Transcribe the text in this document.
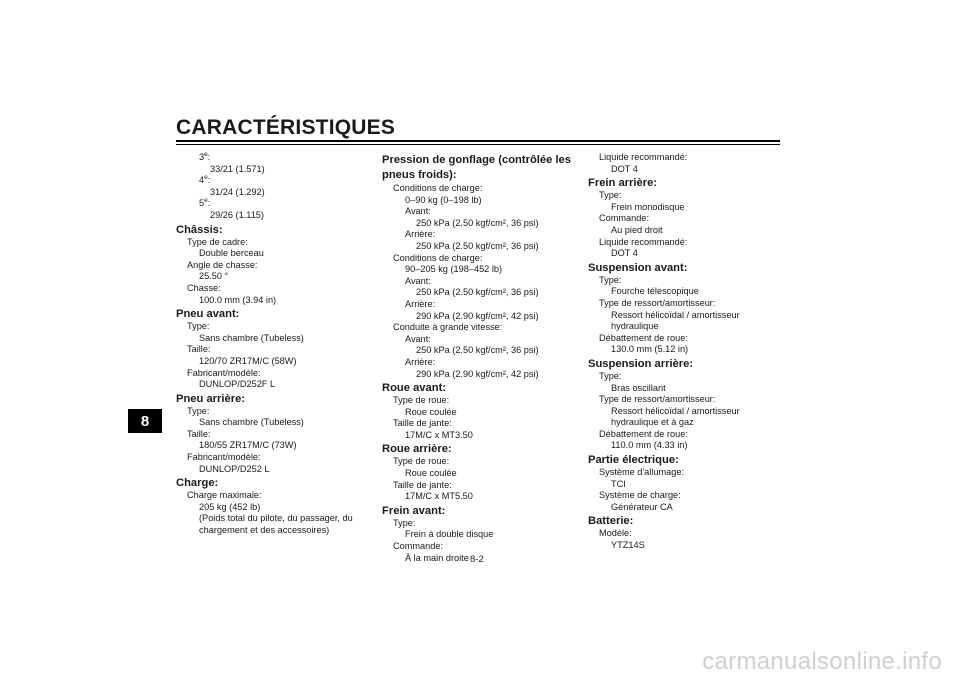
CARACTÉRISTIQUES
8
3e:
33/21 (1.571)
4e:
31/24 (1.292)
5e:
29/26 (1.115)
Châssis:
Type de cadre:
Double berceau
Angle de chasse:
25.50 °
Chasse:
100.0 mm (3.94 in)
Pneu avant:
Type:
Sans chambre (Tubeless)
Taille:
120/70 ZR17M/C (58W)
Fabricant/modèle:
DUNLOP/D252F L
Pneu arrière:
Type:
Sans chambre (Tubeless)
Taille:
180/55 ZR17M/C (73W)
Fabricant/modèle:
DUNLOP/D252 L
Charge:
Charge maximale:
205 kg (452 lb)
(Poids total du pilote, du passager, du
chargement et des accessoires)
Pression de gonflage (contrôlée les
pneus froids):
Conditions de charge:
0–90 kg (0–198 lb)
Avant:
250 kPa (2.50 kgf/cm², 36 psi)
Arrière:
250 kPa (2.50 kgf/cm², 36 psi)
Conditions de charge:
90–205 kg (198–452 lb)
Avant:
250 kPa (2.50 kgf/cm², 36 psi)
Arrière:
290 kPa (2.90 kgf/cm², 42 psi)
Conduite à grande vitesse:
Avant:
250 kPa (2.50 kgf/cm², 36 psi)
Arrière:
290 kPa (2.90 kgf/cm², 42 psi)
Roue avant:
Type de roue:
Roue coulée
Taille de jante:
17M/C x MT3.50
Roue arrière:
Type de roue:
Roue coulée
Taille de jante:
17M/C x MT5.50
Frein avant:
Type:
Frein à double disque
Commande:
À la main droite
Liquide recommandé:
DOT 4
Frein arrière:
Type:
Frein monodisque
Commande:
Au pied droit
Liquide recommandé:
DOT 4
Suspension avant:
Type:
Fourche télescopique
Type de ressort/amortisseur:
Ressort hélicoïdal / amortisseur
hydraulique
Débattement de roue:
130.0 mm (5.12 in)
Suspension arrière:
Type:
Bras oscillant
Type de ressort/amortisseur:
Ressort hélicoïdal / amortisseur
hydraulique et à gaz
Débattement de roue:
110.0 mm (4.33 in)
Partie électrique:
Système d'allumage:
TCI
Système de charge:
Générateur CA
Batterie:
Modèle:
YTZ14S
8-2
carmanualsonline.info
